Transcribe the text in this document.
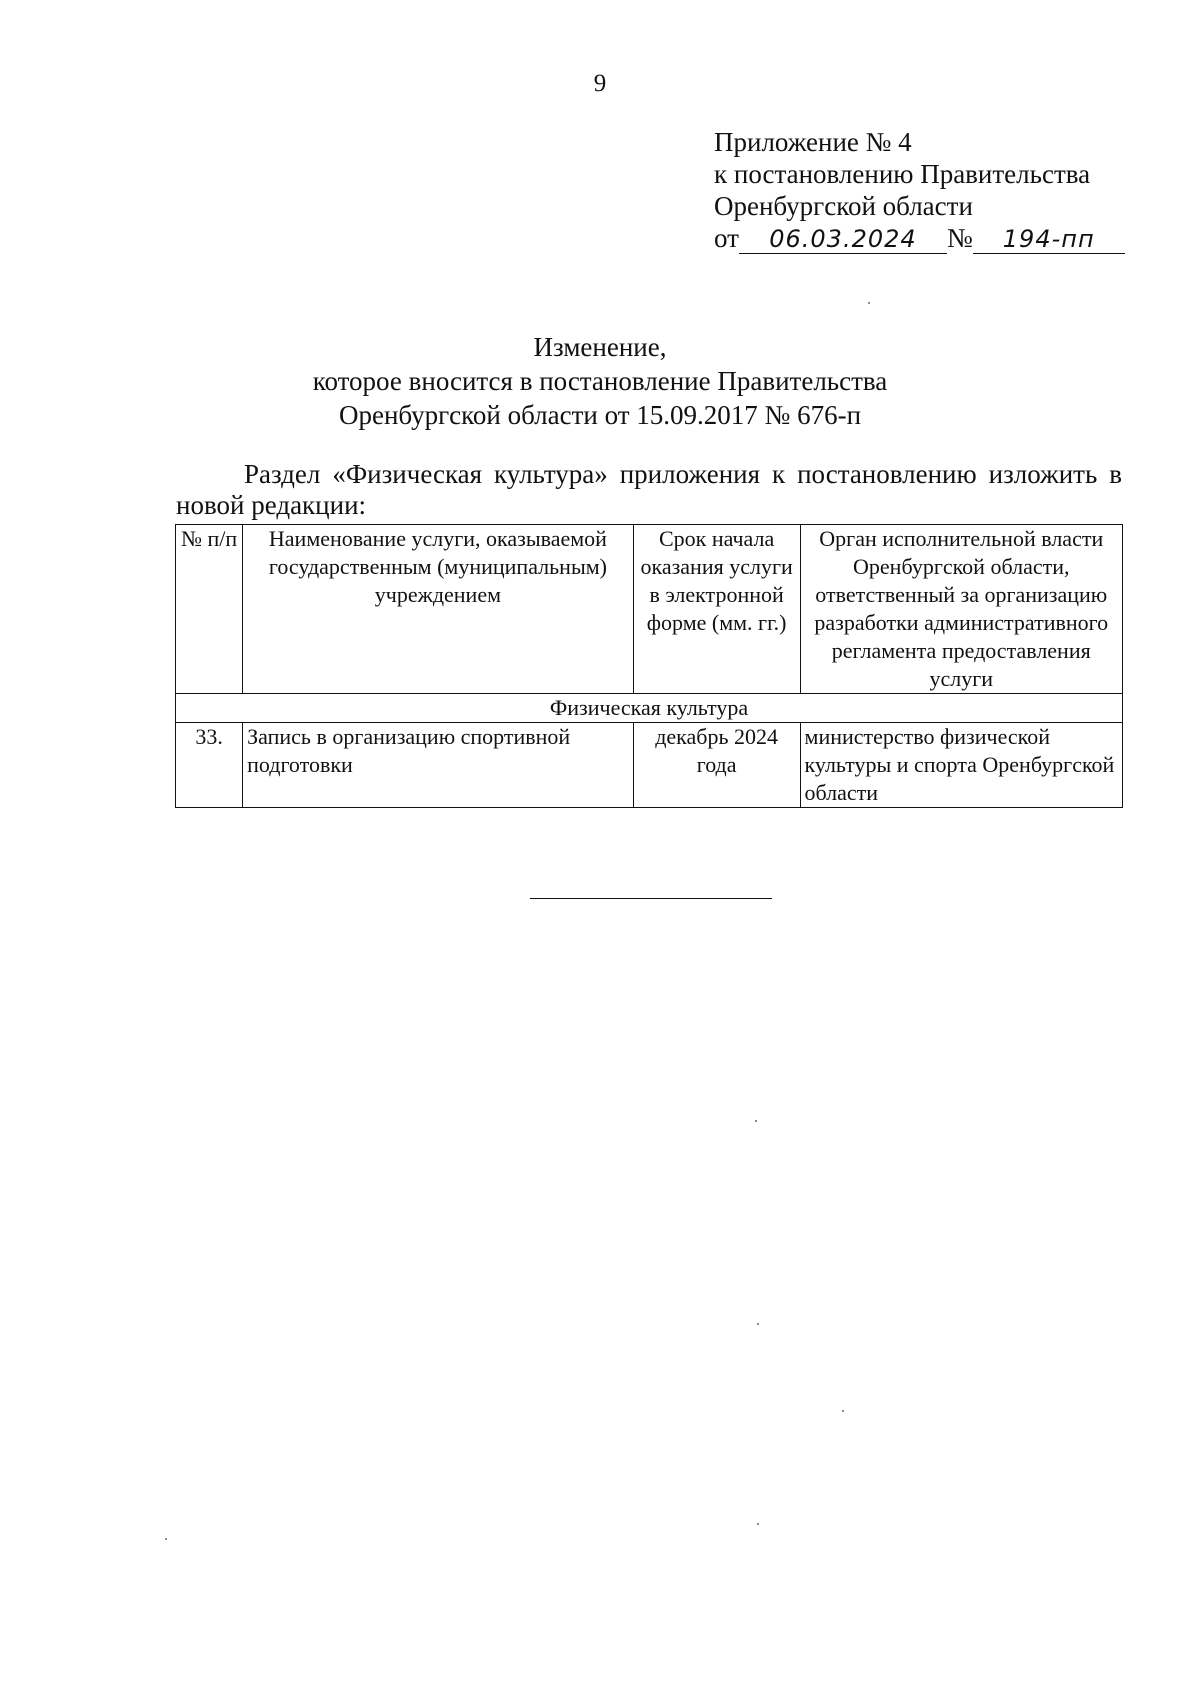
9
Приложение № 4
к постановлению Правительства
Оренбургской области
от 06.03.2024 № 194-пп
Изменение,
которое вносится в постановление Правительства
Оренбургской области от 15.09.2017 № 676-п
Раздел «Физическая культура» приложения к постановлению изложить в новой редакции:
№ п/п	Наименование услуги, оказываемой государственным (муниципальным) учреждением	Срок начала оказания услуги в электронной форме (мм. гг.)	Орган исполнительной власти Оренбургской области, ответственный за организацию разработки административного регламента предоставления услуги
Физическая культура			
33.	Запись в организацию спортивной подготовки	декабрь 2024 года	министерство физической культуры и спорта Оренбургской области
